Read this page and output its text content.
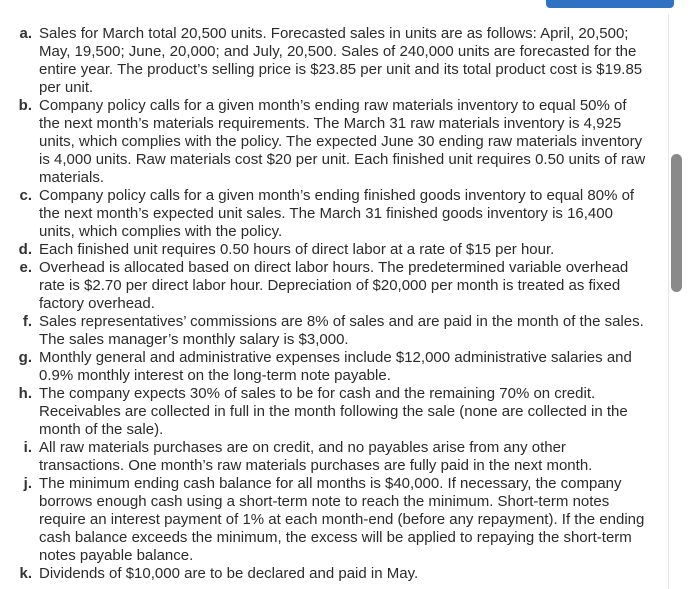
a. Sales for March total 20,500 units. Forecasted sales in units are as follows: April, 20,500;
May, 19,500; June, 20,000; and July, 20,500. Sales of 240,000 units are forecasted for the
entire year. The product’s selling price is $23.85 per unit and its total product cost is $19.85
per unit.
b. Company policy calls for a given month’s ending raw materials inventory to equal 50% of
the next month’s materials requirements. The March 31 raw materials inventory is 4,925
units, which complies with the policy. The expected June 30 ending raw materials inventory
is 4,000 units. Raw materials cost $20 per unit. Each finished unit requires 0.50 units of raw
materials.
c. Company policy calls for a given month’s ending finished goods inventory to equal 80% of
the next month’s expected unit sales. The March 31 finished goods inventory is 16,400
units, which complies with the policy.
d. Each finished unit requires 0.50 hours of direct labor at a rate of $15 per hour.
e. Overhead is allocated based on direct labor hours. The predetermined variable overhead
rate is $2.70 per direct labor hour. Depreciation of $20,000 per month is treated as fixed
factory overhead.
f. Sales representatives’ commissions are 8% of sales and are paid in the month of the sales.
The sales manager’s monthly salary is $3,000.
g. Monthly general and administrative expenses include $12,000 administrative salaries and
0.9% monthly interest on the long-term note payable.
h. The company expects 30% of sales to be for cash and the remaining 70% on credit.
Receivables are collected in full in the month following the sale (none are collected in the
month of the sale).
i. All raw materials purchases are on credit, and no payables arise from any other
transactions. One month’s raw materials purchases are fully paid in the next month.
j. The minimum ending cash balance for all months is $40,000. If necessary, the company
borrows enough cash using a short-term note to reach the minimum. Short-term notes
require an interest payment of 1% at each month-end (before any repayment). If the ending
cash balance exceeds the minimum, the excess will be applied to repaying the short-term
notes payable balance.
k. Dividends of $10,000 are to be declared and paid in May.
